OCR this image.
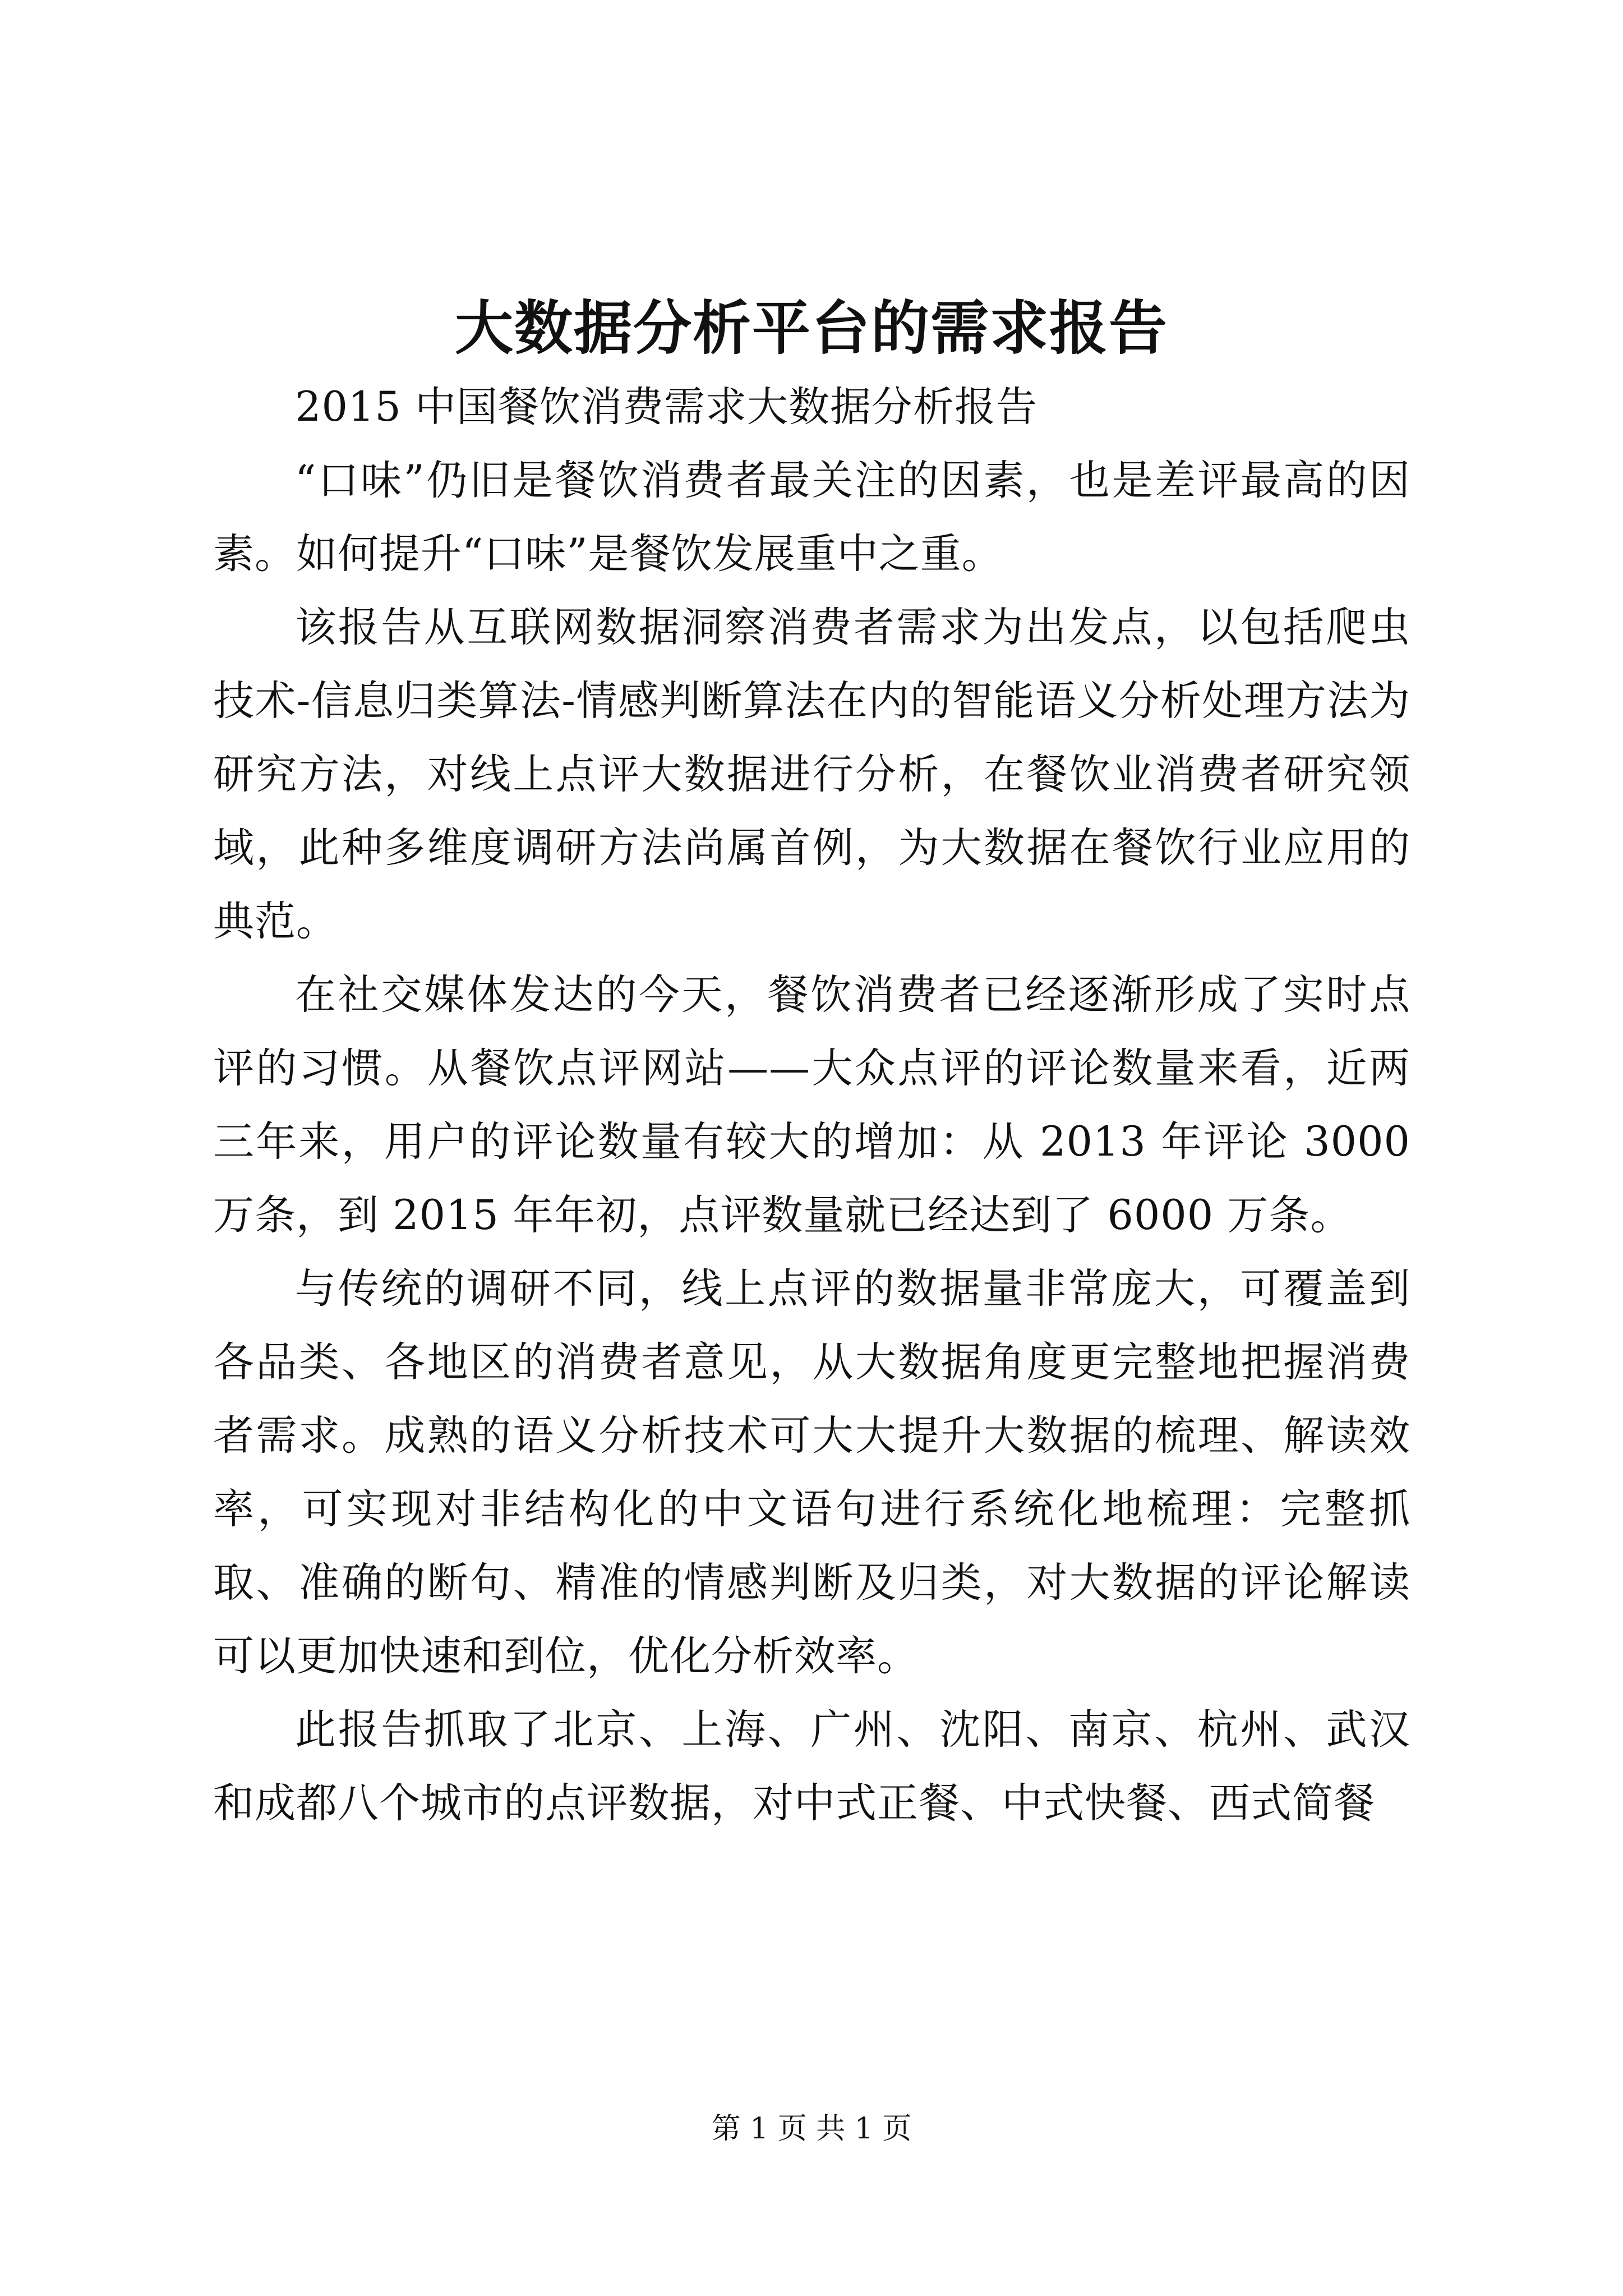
大数据分析平台的需求报告

2015 中国餐饮消费需求大数据分析报告

“口味”仍旧是餐饮消费者最关注的因素，也是差评最高的因素。如何提升“口味”是餐饮发展重中之重。

该报告从互联网数据洞察消费者需求为出发点，以包括爬虫技术-信息归类算法-情感判断算法在内的智能语义分析处理方法为研究方法，对线上点评大数据进行分析，在餐饮业消费者研究领域，此种多维度调研方法尚属首例，为大数据在餐饮行业应用的典范。

在社交媒体发达的今天，餐饮消费者已经逐渐形成了实时点评的习惯。从餐饮点评网站——大众点评的评论数量来看，近两三年来，用户的评论数量有较大的增加：从 2013 年评论 3000 万条，到 2015 年年初，点评数量就已经达到了 6000 万条。

与传统的调研不同，线上点评的数据量非常庞大，可覆盖到各品类、各地区的消费者意见，从大数据角度更完整地把握消费者需求。成熟的语义分析技术可大大提升大数据的梳理、解读效率，可实现对非结构化的中文语句进行系统化地梳理：完整抓取、准确的断句、精准的情感判断及归类，对大数据的评论解读可以更加快速和到位，优化分析效率。

此报告抓取了北京、上海、广州、沈阳、南京、杭州、武汉和成都八个城市的点评数据，对中式正餐、中式快餐、西式简餐

第 1 页 共 1 页
